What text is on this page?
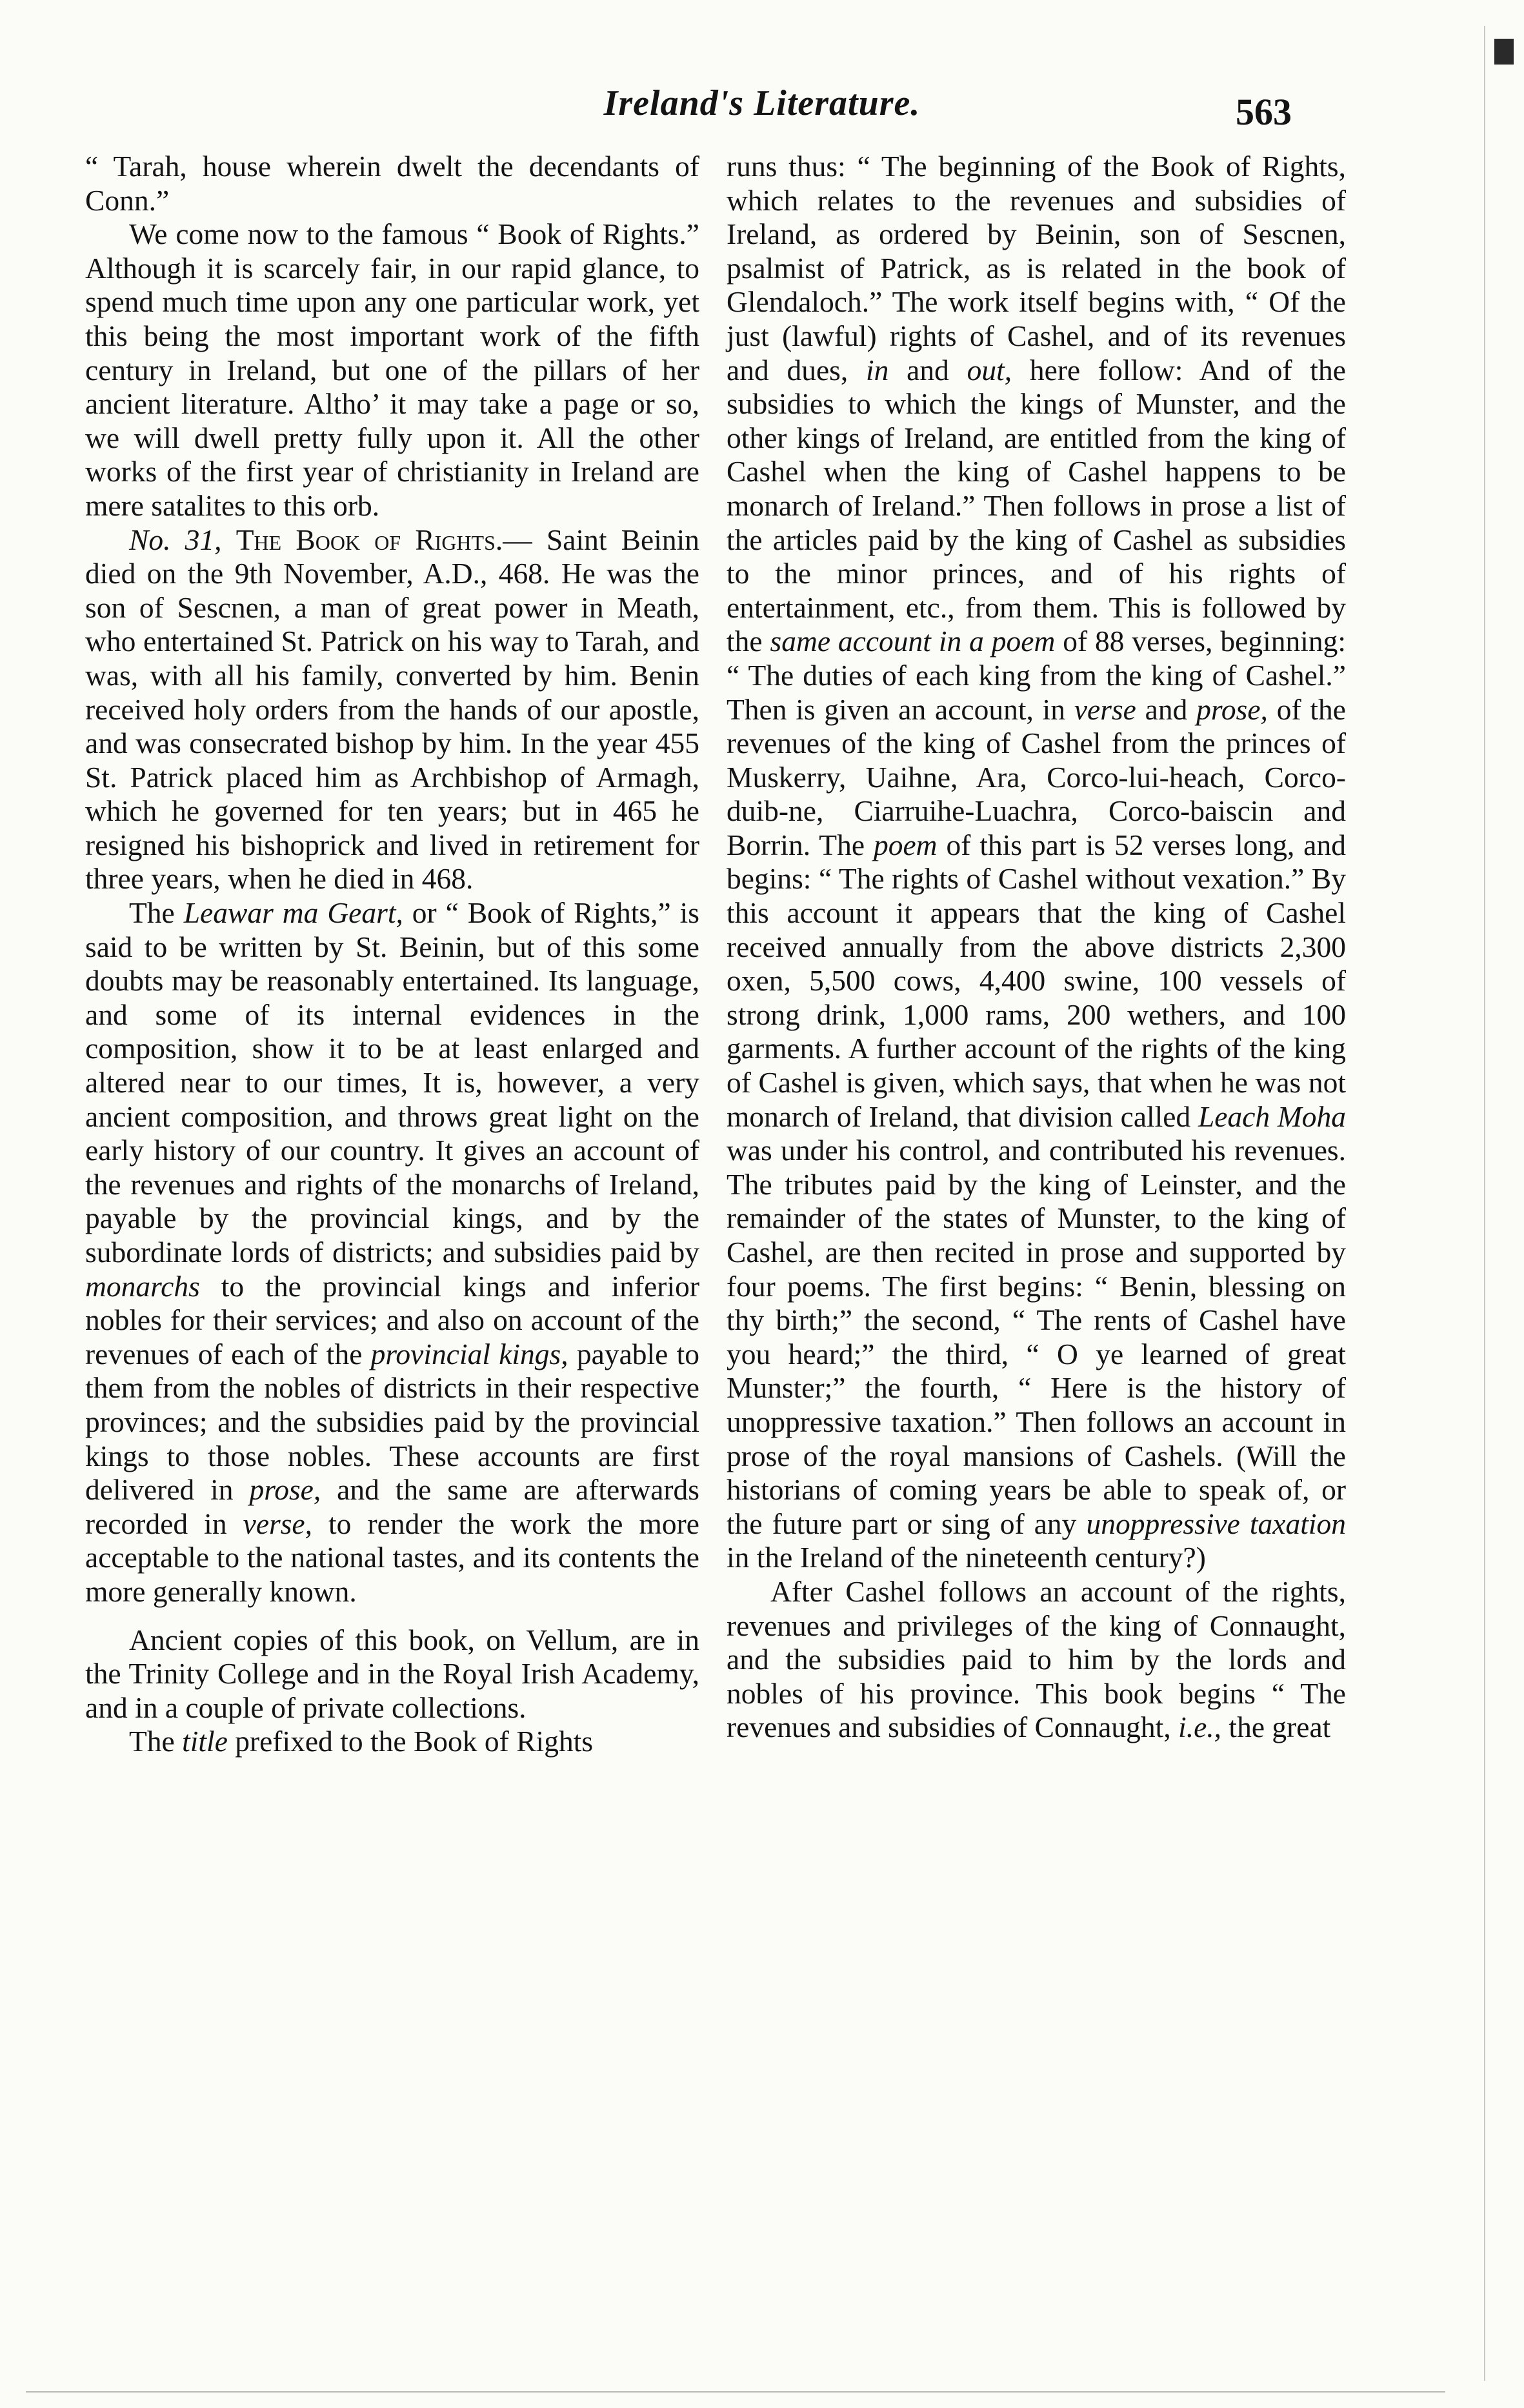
Ireland's Literature.	563

“ Tarah, house wherein dwelt the decendants of Conn.”

We come now to the famous “ Book of Rights.” Although it is scarcely fair, in our rapid glance, to spend much time upon any one particular work, yet this being the most important work of the fifth century in Ireland, but one of the pillars of her ancient literature. Altho’ it may take a page or so, we will dwell pretty fully upon it. All the other works of the first year of christianity in Ireland are mere satalites to this orb.

No. 31, The Book of Rights.— Saint Beinin died on the 9th November, A.D., 468. He was the son of Sescnen, a man of great power in Meath, who entertained St. Patrick on his way to Tarah, and was, with all his family, converted by him. Benin received holy orders from the hands of our apostle, and was consecrated bishop by him. In the year 455 St. Patrick placed him as Archbishop of Armagh, which he governed for ten years; but in 465 he resigned his bishoprick and lived in retirement for three years, when he died in 468.

The Leawar ma Geart, or “ Book of Rights,” is said to be written by St. Beinin, but of this some doubts may be reasonably entertained. Its language, and some of its internal evidences in the composition, show it to be at least enlarged and altered near to our times, It is, however, a very ancient composition, and throws great light on the early history of our country. It gives an account of the revenues and rights of the monarchs of Ireland, payable by the provincial kings, and by the subordinate lords of districts; and subsidies paid by monarchs to the provincial kings and inferior nobles for their services; and also on account of the revenues of each of the provincial kings, payable to them from the nobles of districts in their respective provinces; and the subsidies paid by the provincial kings to those nobles. These accounts are first delivered in prose, and the same are afterwards recorded in verse, to render the work the more acceptable to the national tastes, and its contents the more generally known.

Ancient copies of this book, on Vellum, are in the Trinity College and in the Royal Irish Academy, and in a couple of private collections.

The title prefixed to the Book of Rights

runs thus: “ The beginning of the Book of Rights, which relates to the revenues and subsidies of Ireland, as ordered by Beinin, son of Sescnen, psalmist of Patrick, as is related in the book of Glendaloch.” The work itself begins with, “ Of the just (lawful) rights of Cashel, and of its revenues and dues, in and out, here follow: And of the subsidies to which the kings of Munster, and the other kings of Ireland, are entitled from the king of Cashel when the king of Cashel happens to be monarch of Ireland.” Then follows in prose a list of the articles paid by the king of Cashel as subsidies to the minor princes, and of his rights of entertainment, etc., from them. This is followed by the same account in a poem of 88 verses, beginning: “ The duties of each king from the king of Cashel.” Then is given an account, in verse and prose, of the revenues of the king of Cashel from the princes of Muskerry, Uaihne, Ara, Corco-lui-heach, Corco-duib-ne, Ciarruihe-Luachra, Corco-baiscin and Borrin. The poem of this part is 52 verses long, and begins: “ The rights of Cashel without vexation.” By this account it appears that the king of Cashel received annually from the above districts 2,300 oxen, 5,500 cows, 4,400 swine, 100 vessels of strong drink, 1,000 rams, 200 wethers, and 100 garments. A further account of the rights of the king of Cashel is given, which says, that when he was not monarch of Ireland, that division called Leach Moha was under his control, and contributed his revenues. The tributes paid by the king of Leinster, and the remainder of the states of Munster, to the king of Cashel, are then recited in prose and supported by four poems. The first begins: “ Benin, blessing on thy birth;” the second, “ The rents of Cashel have you heard;” the third, “ O ye learned of great Munster;” the fourth, “ Here is the history of unoppressive taxation.” Then follows an account in prose of the royal mansions of Cashels. (Will the historians of coming years be able to speak of, or the future part or sing of any unoppressive taxation in the Ireland of the nineteenth century?)

After Cashel follows an account of the rights, revenues and privileges of the king of Connaught, and the subsidies paid to him by the lords and nobles of his province. This book begins “ The revenues and subsidies of Connaught, i.e., the great
